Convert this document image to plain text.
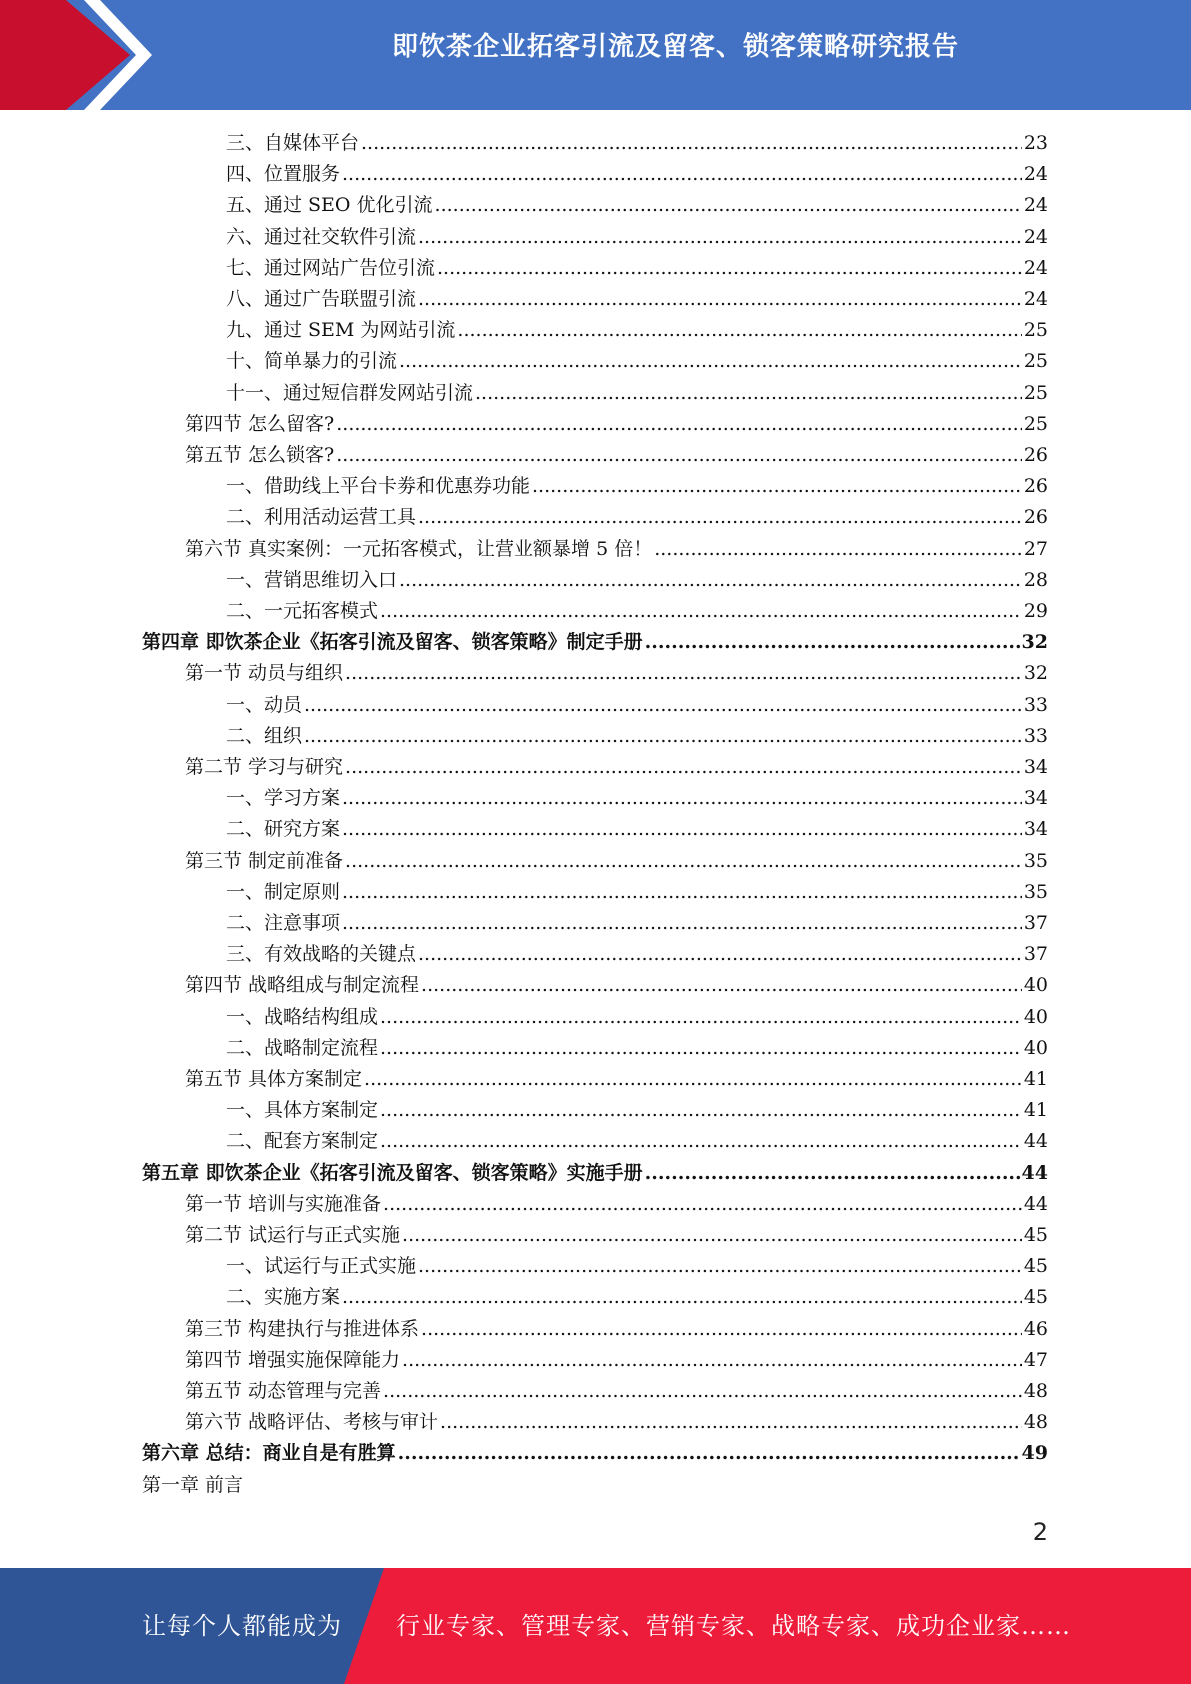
即饮茶企业拓客引流及留客、锁客策略研究报告
三、自媒体平台 .....	23
四、位置服务 .....	24
五、通过 SEO 优化引流 .....	24
六、通过社交软件引流 .....	24
七、通过网站广告位引流 .....	24
八、通过广告联盟引流 .....	24
九、通过 SEM 为网站引流 .....	25
十、简单暴力的引流 .....	25
十一、通过短信群发网站引流 .....	25
第四节 怎么留客? .....	25
第五节 怎么锁客? .....	26
一、借助线上平台卡劵和优惠券功能 .....	26
二、利用活动运营工具 .....	26
第六节 真实案例：一元拓客模式，让营业额暴增 5 倍！ .....	27
一、营销思维切入口 .....	28
二、一元拓客模式 .....	29
第四章 即饮茶企业《拓客引流及留客、锁客策略》制定手册 .....	32
第一节 动员与组织 .....	32
一、动员 .....	33
二、组织 .....	33
第二节 学习与研究 .....	34
一、学习方案 .....	34
二、研究方案 .....	34
第三节 制定前准备 .....	35
一、制定原则 .....	35
二、注意事项 .....	37
三、有效战略的关键点 .....	37
第四节 战略组成与制定流程 .....	40
一、战略结构组成 .....	40
二、战略制定流程 .....	40
第五节 具体方案制定 .....	41
一、具体方案制定 .....	41
二、配套方案制定 .....	44
第五章 即饮茶企业《拓客引流及留客、锁客策略》实施手册 .....	44
第一节 培训与实施准备 .....	44
第二节 试运行与正式实施 .....	45
一、试运行与正式实施 .....	45
二、实施方案 .....	45
第三节 构建执行与推进体系 .....	46
第四节 增强实施保障能力 .....	47
第五节 动态管理与完善 .....	48
第六节 战略评估、考核与审计 .....	48
第六章 总结：商业自是有胜算 .....	49
第一章 前言
2
让每个人都能成为 行业专家、管理专家、营销专家、战略专家、成功企业家……
